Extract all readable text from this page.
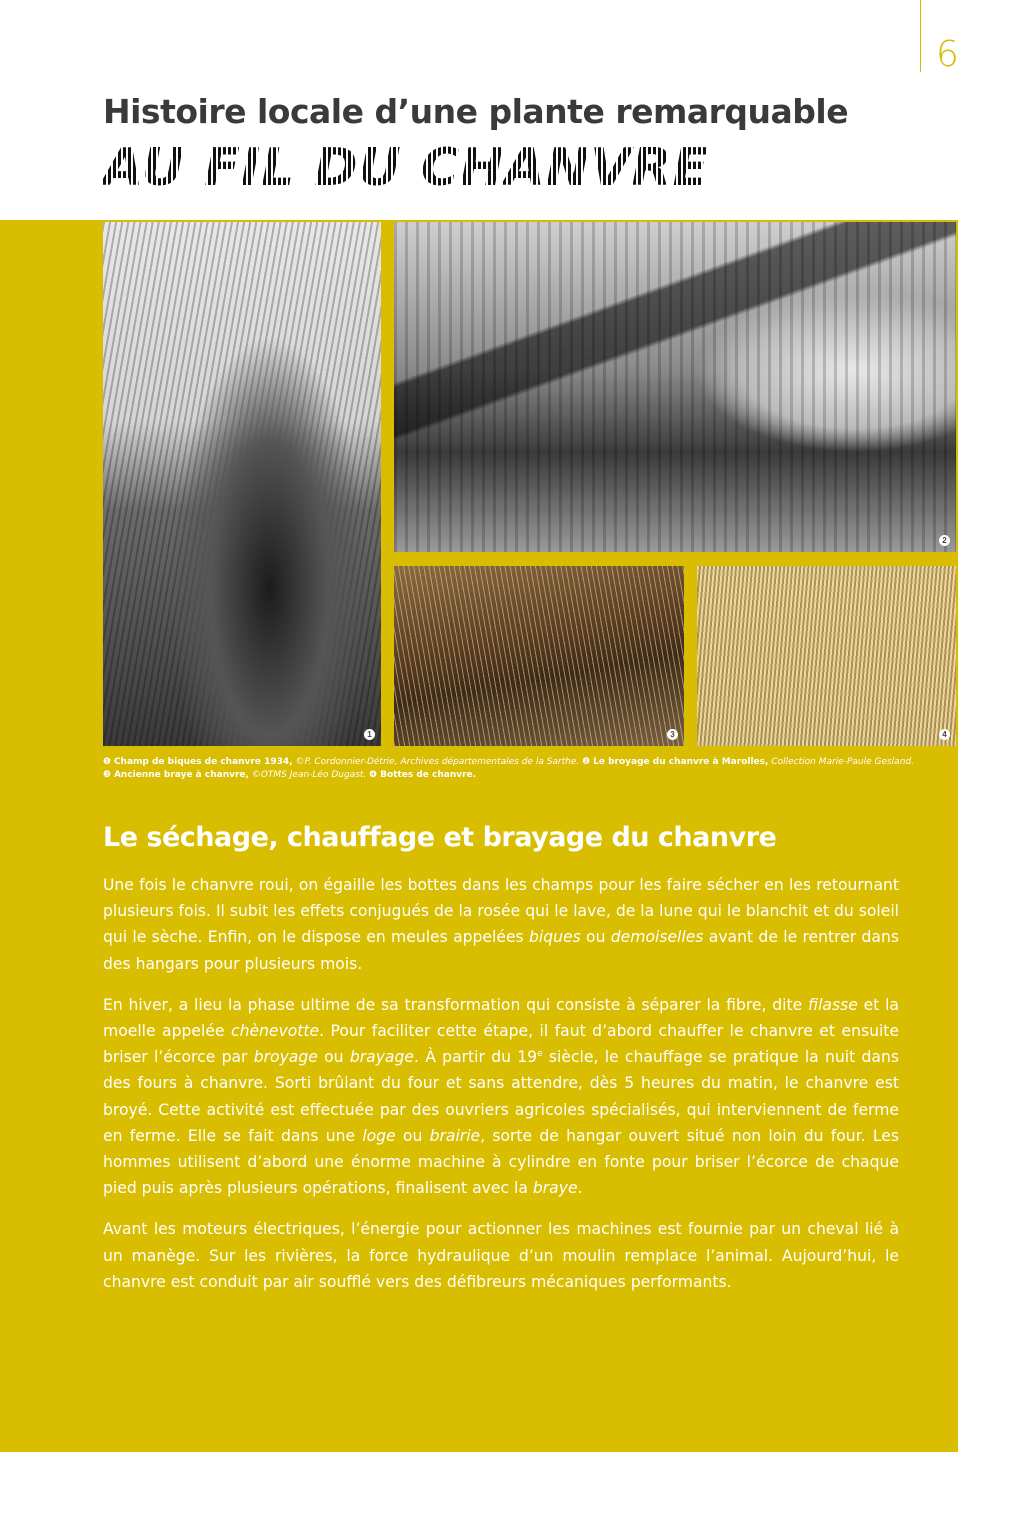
6
Histoire locale d’une plante remarquable
AU FIL DU CHANVRE
1
2
3	4
❶ Champ de biques de chanvre 1934, ©P. Cordonnier-Détrie, Archives départementales de la Sarthe. ❷ Le broyage du chanvre à Marolles, Collection Marie-Paule Gesland.
❸ Ancienne braye à chanvre, ©OTMS Jean-Léo Dugast. ❹ Bottes de chanvre.
Le séchage, chauffage et brayage du chanvre

Une fois le chanvre roui, on égaille les bottes dans les champs pour les faire sécher en les retournant plusieurs fois. Il subit les effets conjugués de la rosée qui le lave, de la lune qui le blanchit et du soleil qui le sèche. Enfin, on le dispose en meules appelées biques ou demoiselles avant de le rentrer dans des hangars pour plusieurs mois.

En hiver, a lieu la phase ultime de sa transformation qui consiste à séparer la fibre, dite filasse et la moelle appelée chènevotte. Pour faciliter cette étape, il faut d’abord chauffer le chanvre et ensuite briser l’écorce par broyage ou brayage. À partir du 19e siècle, le chauffage se pratique la nuit dans des fours à chanvre. Sorti brûlant du four et sans attendre, dès 5 heures du matin, le chanvre est broyé. Cette activité est effectuée par des ouvriers agricoles spécialisés, qui interviennent de ferme en ferme. Elle se fait dans une loge ou brairie, sorte de hangar ouvert situé non loin du four. Les hommes utilisent d’abord une énorme machine à cylindre en fonte pour briser l’écorce de chaque pied puis après plusieurs opérations, finalisent avec la braye.

Avant les moteurs électriques, l’énergie pour actionner les machines est fournie par un cheval lié à un manège. Sur les rivières, la force hydraulique d’un moulin remplace l’animal. Aujourd’hui, le chanvre est conduit par air soufflé vers des défibreurs mécaniques performants.
